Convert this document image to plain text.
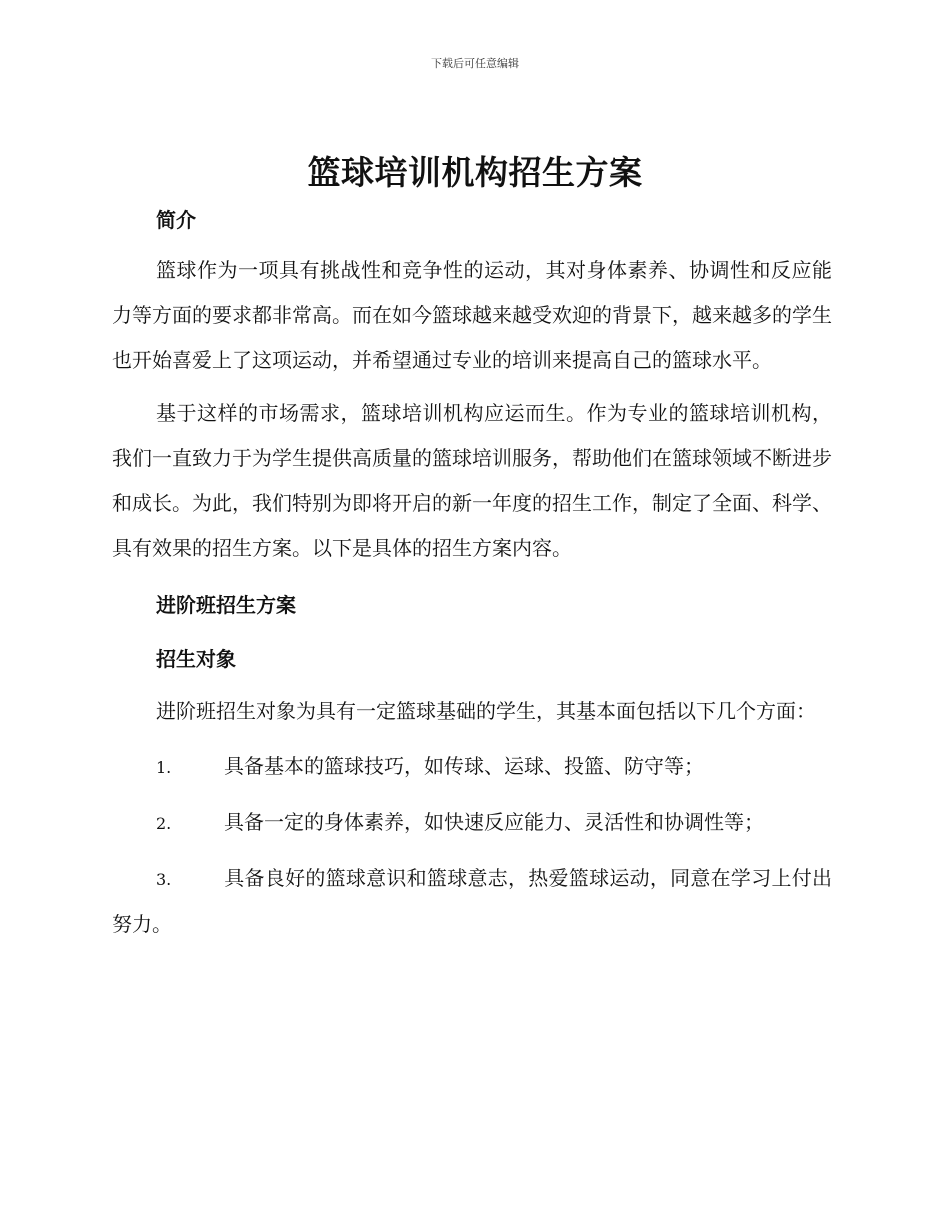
下载后可任意编辑
篮球培训机构招生方案
简介

篮球作为一项具有挑战性和竞争性的运动，其对身体素养、协调性和反应能力等方面的要求都非常高。而在如今篮球越来越受欢迎的背景下，越来越多的学生也开始喜爱上了这项运动，并希望通过专业的培训来提高自己的篮球水平。

基于这样的市场需求，篮球培训机构应运而生。作为专业的篮球培训机构，我们一直致力于为学生提供高质量的篮球培训服务，帮助他们在篮球领域不断进步和成长。为此，我们特别为即将开启的新一年度的招生工作，制定了全面、科学、具有效果的招生方案。以下是具体的招生方案内容。

进阶班招生方案
招生对象

进阶班招生对象为具有一定篮球基础的学生，其基本面包括以下几个方面：

1.	具备基本的篮球技巧，如传球、运球、投篮、防守等；

2.	具备一定的身体素养，如快速反应能力、灵活性和协调性等；

3.	具备良好的篮球意识和篮球意志，热爱篮球运动，同意在学习上付出努力。
